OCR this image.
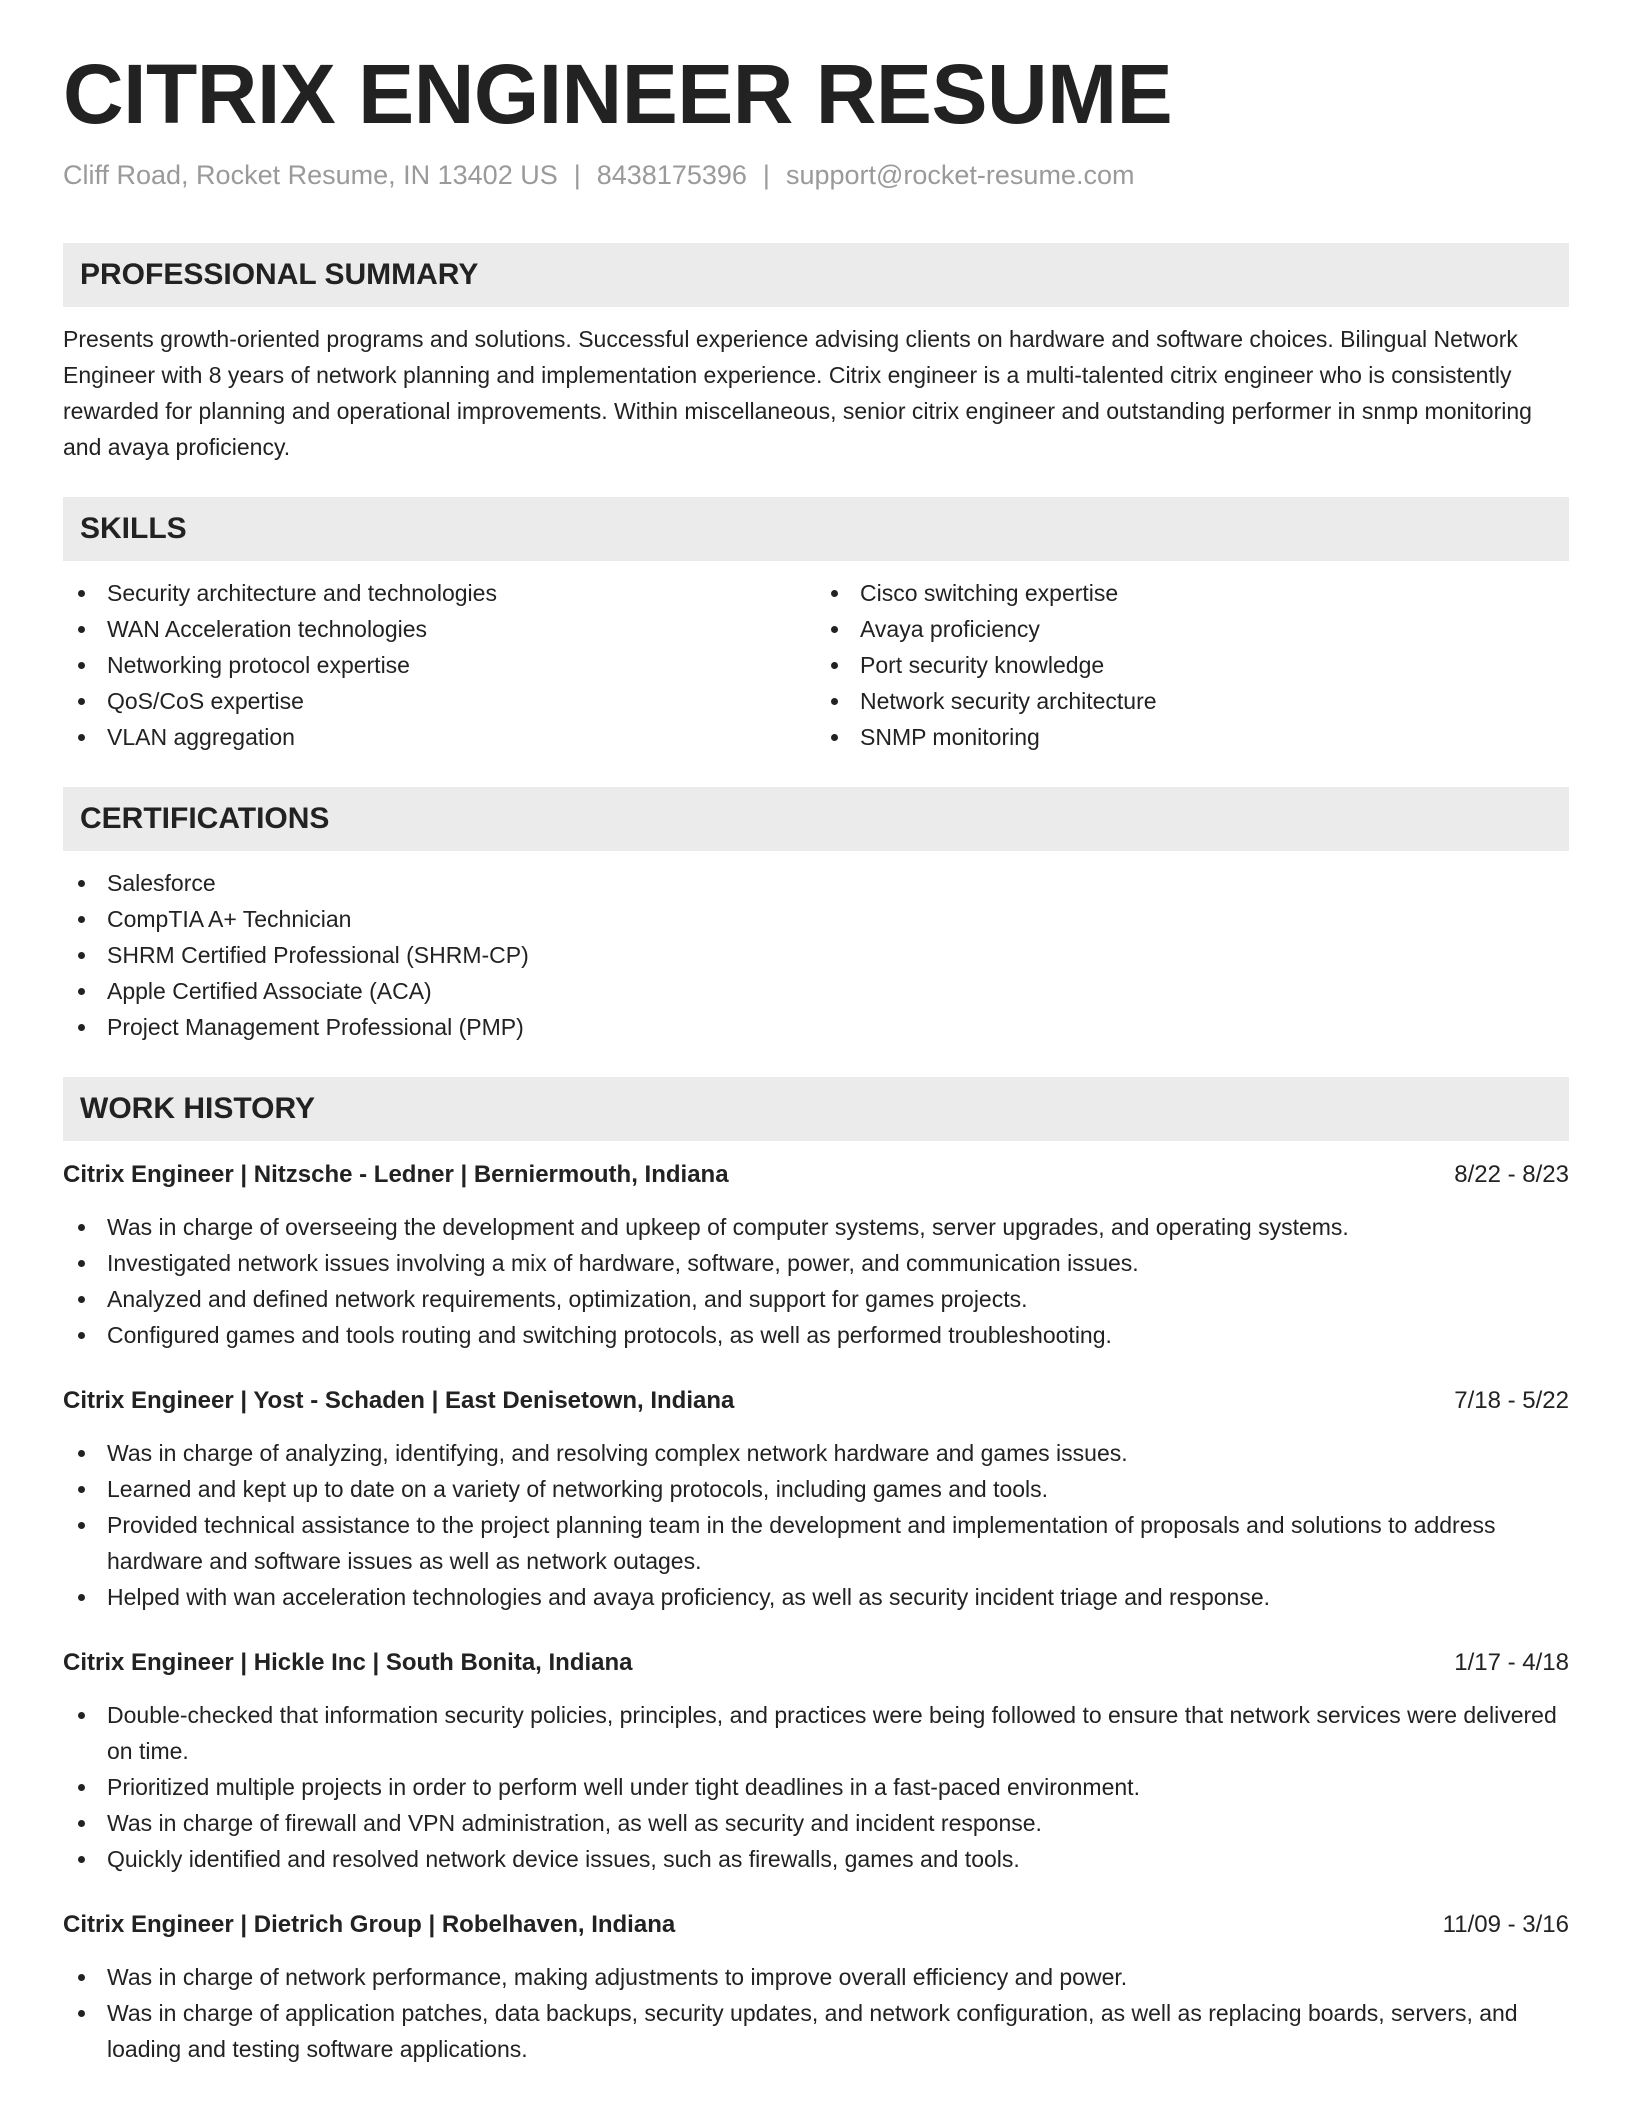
CITRIX ENGINEER RESUME
Cliff Road, Rocket Resume, IN 13402 US | 8438175396 | support@rocket-resume.com
PROFESSIONAL SUMMARY

Presents growth-oriented programs and solutions. Successful experience advising clients on hardware and software choices. Bilingual Network Engineer with 8 years of network planning and implementation experience. Citrix engineer is a multi-talented citrix engineer who is consistently rewarded for planning and operational improvements. Within miscellaneous, senior citrix engineer and outstanding performer in snmp monitoring and avaya proficiency.

SKILLS
Security architecture and technologies
WAN Acceleration technologies
Networking protocol expertise
QoS/CoS expertise
VLAN aggregation
Cisco switching expertise
Avaya proficiency
Port security knowledge
Network security architecture
SNMP monitoring
CERTIFICATIONS
Salesforce
CompTIA A+ Technician
SHRM Certified Professional (SHRM-CP)
Apple Certified Associate (ACA)
Project Management Professional (PMP)
WORK HISTORY
Citrix Engineer | Nitzsche - Ledner | Berniermouth, Indiana	8/22 - 8/23
Was in charge of overseeing the development and upkeep of computer systems, server upgrades, and operating systems.
Investigated network issues involving a mix of hardware, software, power, and communication issues.
Analyzed and defined network requirements, optimization, and support for games projects.
Configured games and tools routing and switching protocols, as well as performed troubleshooting.
Citrix Engineer | Yost - Schaden | East Denisetown, Indiana	7/18 - 5/22
Was in charge of analyzing, identifying, and resolving complex network hardware and games issues.
Learned and kept up to date on a variety of networking protocols, including games and tools.
Provided technical assistance to the project planning team in the development and implementation of proposals and solutions to address hardware and software issues as well as network outages.
Helped with wan acceleration technologies and avaya proficiency, as well as security incident triage and response.
Citrix Engineer | Hickle Inc | South Bonita, Indiana	1/17 - 4/18
Double-checked that information security policies, principles, and practices were being followed to ensure that network services were delivered on time.
Prioritized multiple projects in order to perform well under tight deadlines in a fast-paced environment.
Was in charge of firewall and VPN administration, as well as security and incident response.
Quickly identified and resolved network device issues, such as firewalls, games and tools.
Citrix Engineer | Dietrich Group | Robelhaven, Indiana	11/09 - 3/16
Was in charge of network performance, making adjustments to improve overall efficiency and power.
Was in charge of application patches, data backups, security updates, and network configuration, as well as replacing boards, servers, and loading and testing software applications.
